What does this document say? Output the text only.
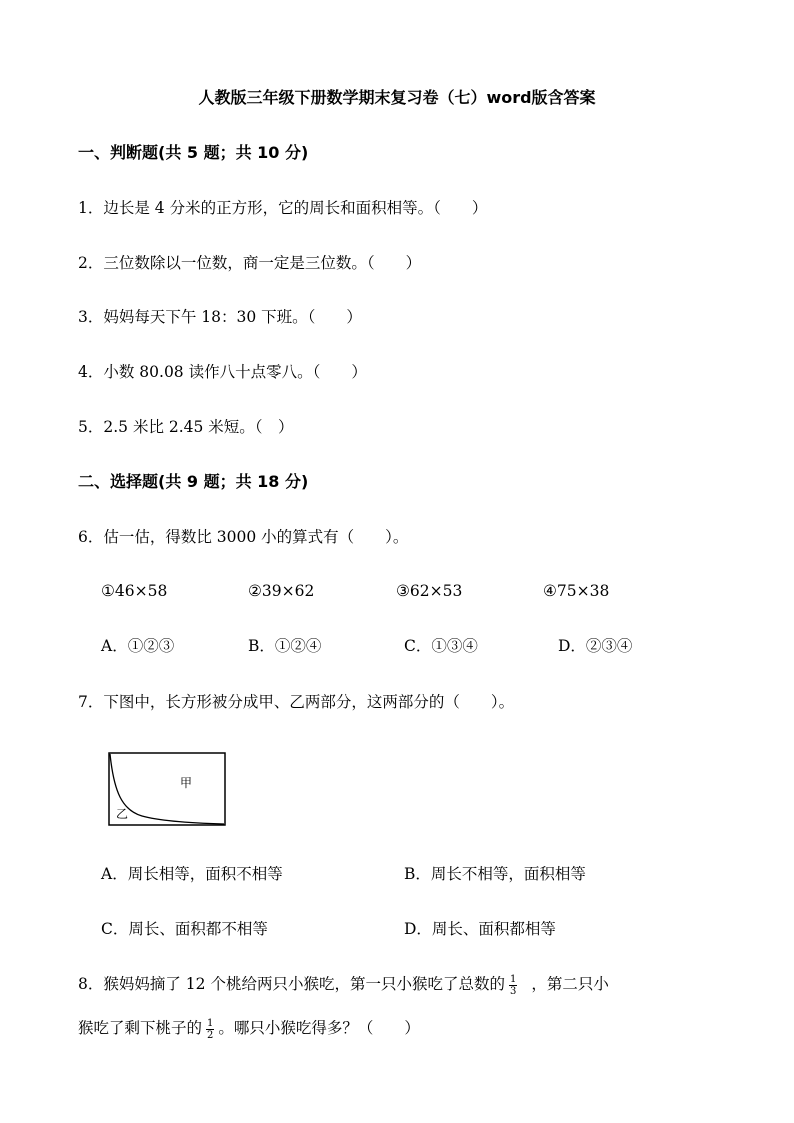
人教版三年级下册数学期末复习卷（七）word版含答案
一、判断题(共 5 题；共 10 分)
1．边长是 4 分米的正方形，它的周长和面积相等。（　　）
2．三位数除以一位数，商一定是三位数。（　　）
3．妈妈每天下午 18：30 下班。（　　）
4．小数 80.08 读作八十点零八。（　　）
5．2.5 米比 2.45 米短。（　）
二、选择题(共 9 题；共 18 分)
6．估一估，得数比 3000 小的算式有（　　）。
①46×58	②39×62	③62×53	④75×38
A．①②③	B．①②④	C．①③④	D．②③④
7．下图中，长方形被分成甲、乙两部分，这两部分的（　　）。
甲
乙
A．周长相等，面积不相等	B．周长不相等，面积相等
C．周长、面积都不相等	D．周长、面积都相等
8．猴妈妈摘了 12 个桃给两只小猴吃，第一只小猴吃了总数的 $\frac{1}{3}$ ，第二只小
猴吃了剩下桃子的 $\frac{1}{2}$ 。哪只小猴吃得多？（　　）
